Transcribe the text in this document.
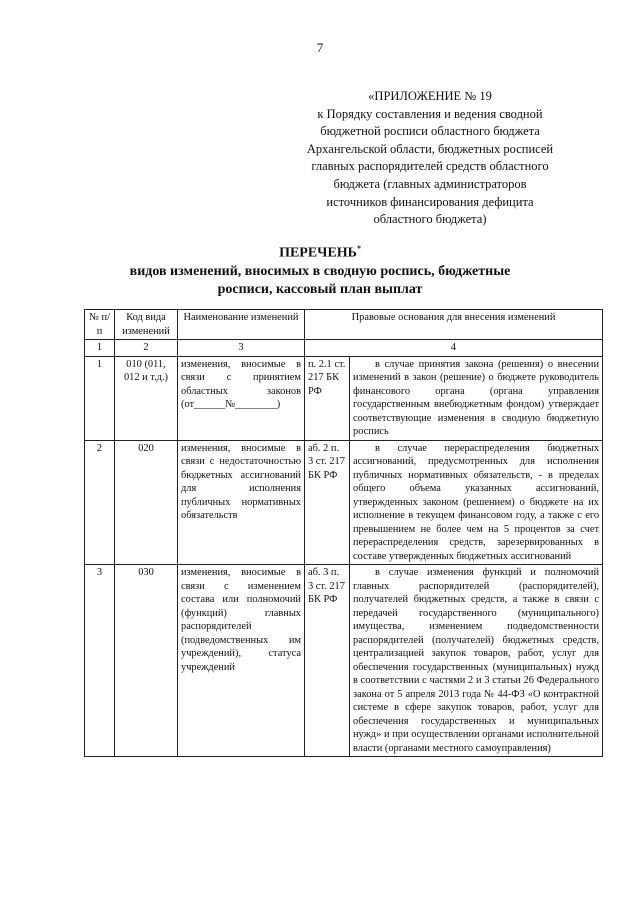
7
«ПРИЛОЖЕНИЕ № 19
к Порядку составления и ведения сводной
бюджетной росписи областного бюджета
Архангельской области, бюджетных росписей
главных распорядителей средств областного
бюджета (главных администраторов
источников финансирования дефицита
областного бюджета)
ПЕРЕЧЕНЬ*
видов изменений, вносимых в сводную роспись, бюджетные
росписи, кассовый план выплат
№ п/п	Код вида изменений	Наименование изменений	Правовые основания для внесения изменений	
1	2	3	4	
1	010 (011, 012 и т.д.)	изменения, вносимые в связи с принятием областных законов (от______№________)	п. 2.1 ст. 217 БК РФ	в случае принятия закона (решения) о внесении изменений в закон (решение) о бюджете руководитель финансового органа (органа управления государственным внебюджетным фондом) утверждает соответствующие изменения в сводную бюджетную роспись
2	020	изменения, вносимые в связи с недостаточностью бюджетных ассигнований для исполнения публичных нормативных обязательств	аб. 2 п. 3 ст. 217 БК РФ	в случае перераспределения бюджетных ассигнований, предусмотренных для исполнения публичных нормативных обязательств, - в пределах общего объема указанных ассигнований, утвержденных законом (решением) о бюджете на их исполнение в текущем финансовом году, а также с его превышением не более чем на 5 процентов за счет перераспределения средств, зарезервированных в составе утвержденных бюджетных ассигнований
3	030	изменения, вносимые в связи с изменением состава или полномочий (функций) главных распорядителей (подведомственных им учреждений), статуса учреждений	аб. 3 п. 3 ст. 217 БК РФ	в случае изменения функций и полномочий главных распорядителей (распорядителей), получателей бюджетных средств, а также в связи с передачей государственного (муниципального) имущества, изменением подведомственности распорядителей (получателей) бюджетных средств, централизацией закупок товаров, работ, услуг для обеспечения государственных (муниципальных) нужд в соответствии с частями 2 и 3 статьи 26 Федерального закона от 5 апреля 2013 года № 44-ФЗ «О контрактной системе в сфере закупок товаров, работ, услуг для обеспечения государственных и муниципальных нужд» и при осуществлении органами исполнительной власти (органами местного самоуправления)
